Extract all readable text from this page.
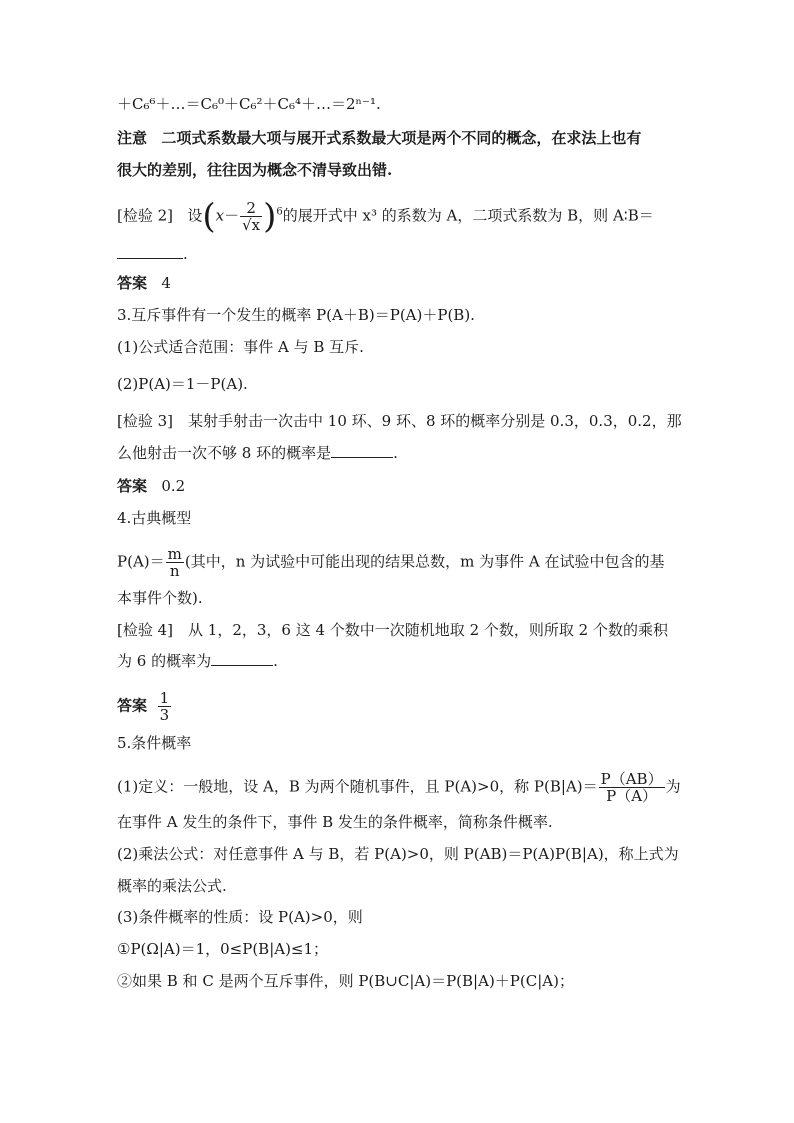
＋C₆⁶＋…＝C₆⁰＋C₆²＋C₆⁴＋…＝2ⁿ⁻¹.
注意 二项式系数最大项与展开式系数最大项是两个不同的概念，在求法上也有
很大的差别，往往因为概念不清导致出错.
[检验 2] 设$(x- \frac{2}{√x} )^6$的展开式中 x³ 的系数为 A，二项式系数为 B，则 A∶B＝
.
答案 4
3.互斥事件有一个发生的概率 P(A＋B)＝P(A)＋P(B).
(1)公式适合范围：事件 A 与 B 互斥.
(2)P(A)＝1－P(A).
[检验 3]　某射手射击一次击中 10 环、9 环、8 环的概率分别是 0.3，0.3，0.2，那
么他射击一次不够 8 环的概率是	.
答案 0.2
4.古典概型
$P(A)= \frac{m}{n}$ (其中，n 为试验中可能出现的结果总数，m 为事件 A 在试验中包含的基
本事件个数).
[检验 4]　从 1，2，3，6 这 4 个数中一次随机地取 2 个数，则所取 2 个数的乘积
为 6 的概率为	.
答案 $\frac{1}{3}$
5.条件概率
(1)定义：一般地，设 A，B 为两个随机事件，且 P(A)>0，称 $P(B|A)= \frac{P(AB)}{P(A)}$ 为
在事件 A 发生的条件下，事件 B 发生的条件概率，简称条件概率.
(2)乘法公式：对任意事件 A 与 B，若 P(A)>0，则 P(AB)＝P(A)P(B|A)，称上式为
概率的乘法公式.
(3)条件概率的性质：设 P(A)>0，则
①P(Ω|A)＝1，0≤P(B|A)≤1；
②如果 B 和 C 是两个互斥事件，则 P(B∪C|A)＝P(B|A)＋P(C|A)；
